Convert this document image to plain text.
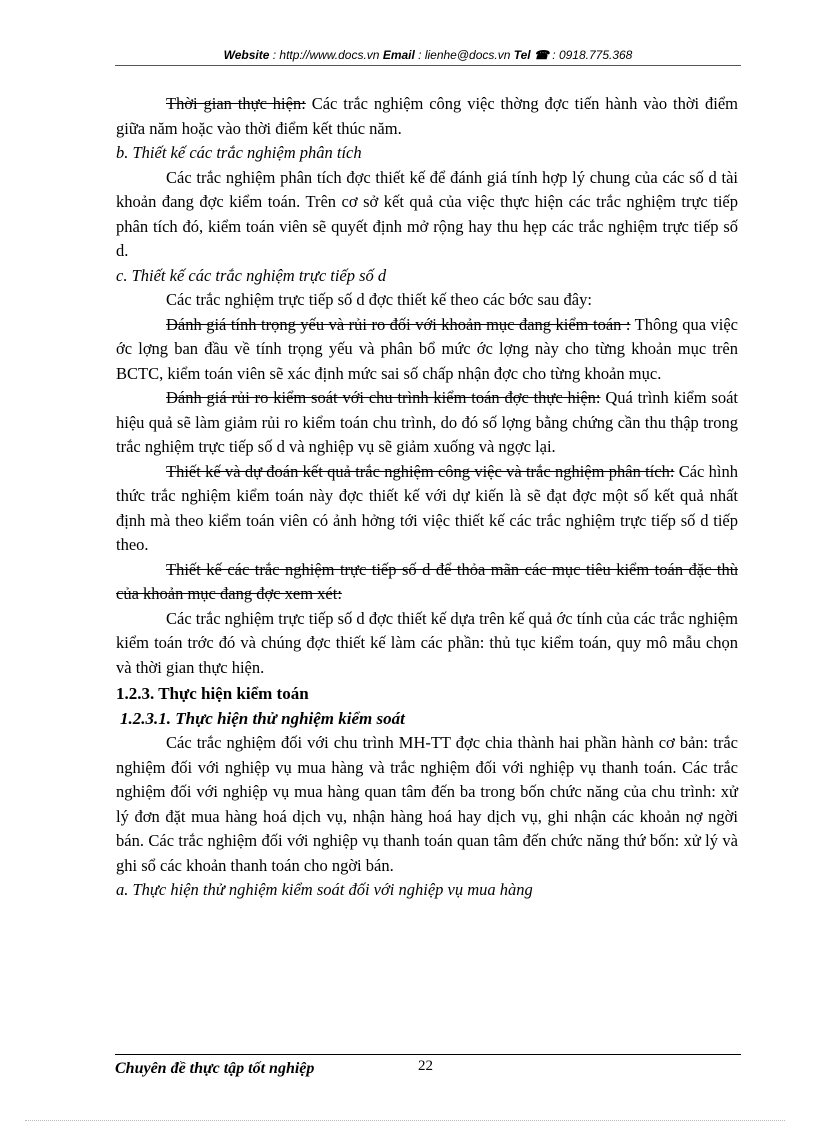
Website : http://www.docs.vn Email : lienhe@docs.vn Tel ☎ : 0918.775.368

Thời gian thực hiện: Các trắc nghiệm công việc thờng đợc tiến hành vào thời điểm giữa năm hoặc vào thời điểm kết thúc năm.

b. Thiết kế các trắc nghiệm phân tích

Các trắc nghiệm phân tích đợc thiết kế để đánh giá tính hợp lý chung của các số d tài khoản đang đợc kiểm toán. Trên cơ sở kết quả của việc thực hiện các trắc nghiệm trực tiếp phân tích đó, kiểm toán viên sẽ quyết định mở rộng hay thu hẹp các trắc nghiệm trực tiếp số d.

c. Thiết kế các trắc nghiệm trực tiếp số d

Các trắc nghiệm trực tiếp số d đợc thiết kế theo các bớc sau đây:

Đánh giá tính trọng yếu và rủi ro đối với khoản mục đang kiểm toán : Thông qua việc ớc lợng ban đầu về tính trọng yếu và phân bổ mức ớc lợng này cho từng khoản mục trên BCTC, kiểm toán viên sẽ xác định mức sai số chấp nhận đợc cho từng khoản mục.

Đánh giá rủi ro kiểm soát với chu trình kiểm toán đợc thực hiện: Quá trình kiểm soát hiệu quả sẽ làm giảm rủi ro kiểm toán chu trình, do đó số lợng bằng chứng cần thu thập trong trắc nghiệm trực tiếp số d và nghiệp vụ sẽ giảm xuống và ngợc lại.

Thiết kế và dự đoán kết quả trắc nghiệm công việc và trắc nghiệm phân tích: Các hình thức trắc nghiệm kiểm toán này đợc thiết kế với dự kiến là sẽ đạt đợc một số kết quả nhất định mà theo kiểm toán viên có ảnh hởng tới việc thiết kế các trắc nghiệm trực tiếp số d tiếp theo.

Thiết kế các trắc nghiệm trực tiếp số d để thỏa mãn các mục tiêu kiểm toán đặc thù của khoản mục đang đợc xem xét:

Các trắc nghiệm trực tiếp số d đợc thiết kế dựa trên kế quả ớc tính của các trắc nghiệm kiểm toán trớc đó và chúng đợc thiết kế làm các phần: thủ tục kiểm toán, quy mô mẫu chọn và thời gian thực hiện.

1.2.3. Thực hiện kiểm toán

1.2.3.1. Thực hiện thử nghiệm kiểm soát

Các trắc nghiệm đối với chu trình MH-TT đợc chia thành hai phần hành cơ bản: trắc nghiệm đối với nghiệp vụ mua hàng và trắc nghiệm đối với nghiệp vụ thanh toán. Các trắc nghiệm đối với nghiệp vụ mua hàng quan tâm đến ba trong bốn chức năng của chu trình: xử lý đơn đặt mua hàng hoá dịch vụ, nhận hàng hoá hay dịch vụ, ghi nhận các khoản nợ ngời bán. Các trắc nghiệm đối với nghiệp vụ thanh toán quan tâm đến chức năng thứ bốn: xử lý và ghi sổ các khoản thanh toán cho ngời bán.

a. Thực hiện thử nghiệm kiểm soát đối với nghiệp vụ mua hàng

Chuyên đề thực tập tốt nghiệp	22
